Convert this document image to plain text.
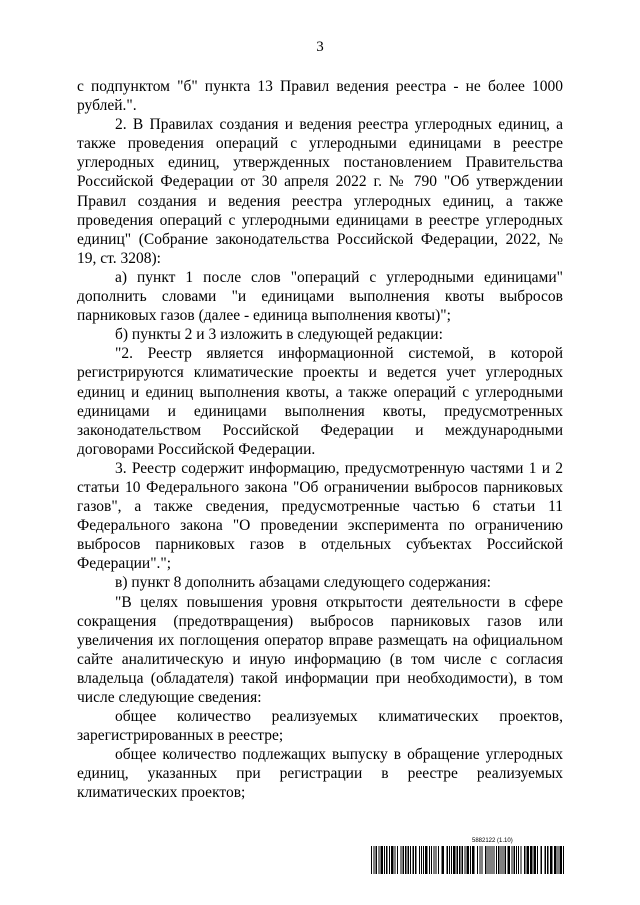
3

с подпунктом "б" пункта 13 Правил ведения реестра - не более 1000 рублей.".

2. В Правилах создания и ведения реестра углеродных единиц, а также проведения операций с углеродными единицами в реестре углеродных единиц, утвержденных постановлением Правительства Российской Федерации от 30 апреля 2022 г. № 790 "Об утверждении Правил создания и ведения реестра углеродных единиц, а также проведения операций с углеродными единицами в реестре углеродных единиц" (Собрание законодательства Российской Федерации, 2022, № 19, ст. 3208):

а) пункт 1 после слов "операций с углеродными единицами" дополнить словами "и единицами выполнения квоты выбросов парниковых газов (далее - единица выполнения квоты)";

б) пункты 2 и 3 изложить в следующей редакции:

"2. Реестр является информационной системой, в которой регистрируются климатические проекты и ведется учет углеродных единиц и единиц выполнения квоты, а также операций с углеродными единицами и единицами выполнения квоты, предусмотренных законодательством Российской Федерации и международными договорами Российской Федерации.

3. Реестр содержит информацию, предусмотренную частями 1 и 2 статьи 10 Федерального закона "Об ограничении выбросов парниковых газов", а также сведения, предусмотренные частью 6 статьи 11 Федерального закона "О проведении эксперимента по ограничению выбросов парниковых газов в отдельных субъектах Российской Федерации".";

в) пункт 8 дополнить абзацами следующего содержания:

"В целях повышения уровня открытости деятельности в сфере сокращения (предотвращения) выбросов парниковых газов или увеличения их поглощения оператор вправе размещать на официальном сайте аналитическую и иную информацию (в том числе с согласия владельца (обладателя) такой информации при необходимости), в том числе следующие сведения:

общее количество реализуемых климатических проектов, зарегистрированных в реестре;

общее количество подлежащих выпуску в обращение углеродных единиц, указанных при регистрации в реестре реализуемых климатических проектов;

5882122 (1.10)
